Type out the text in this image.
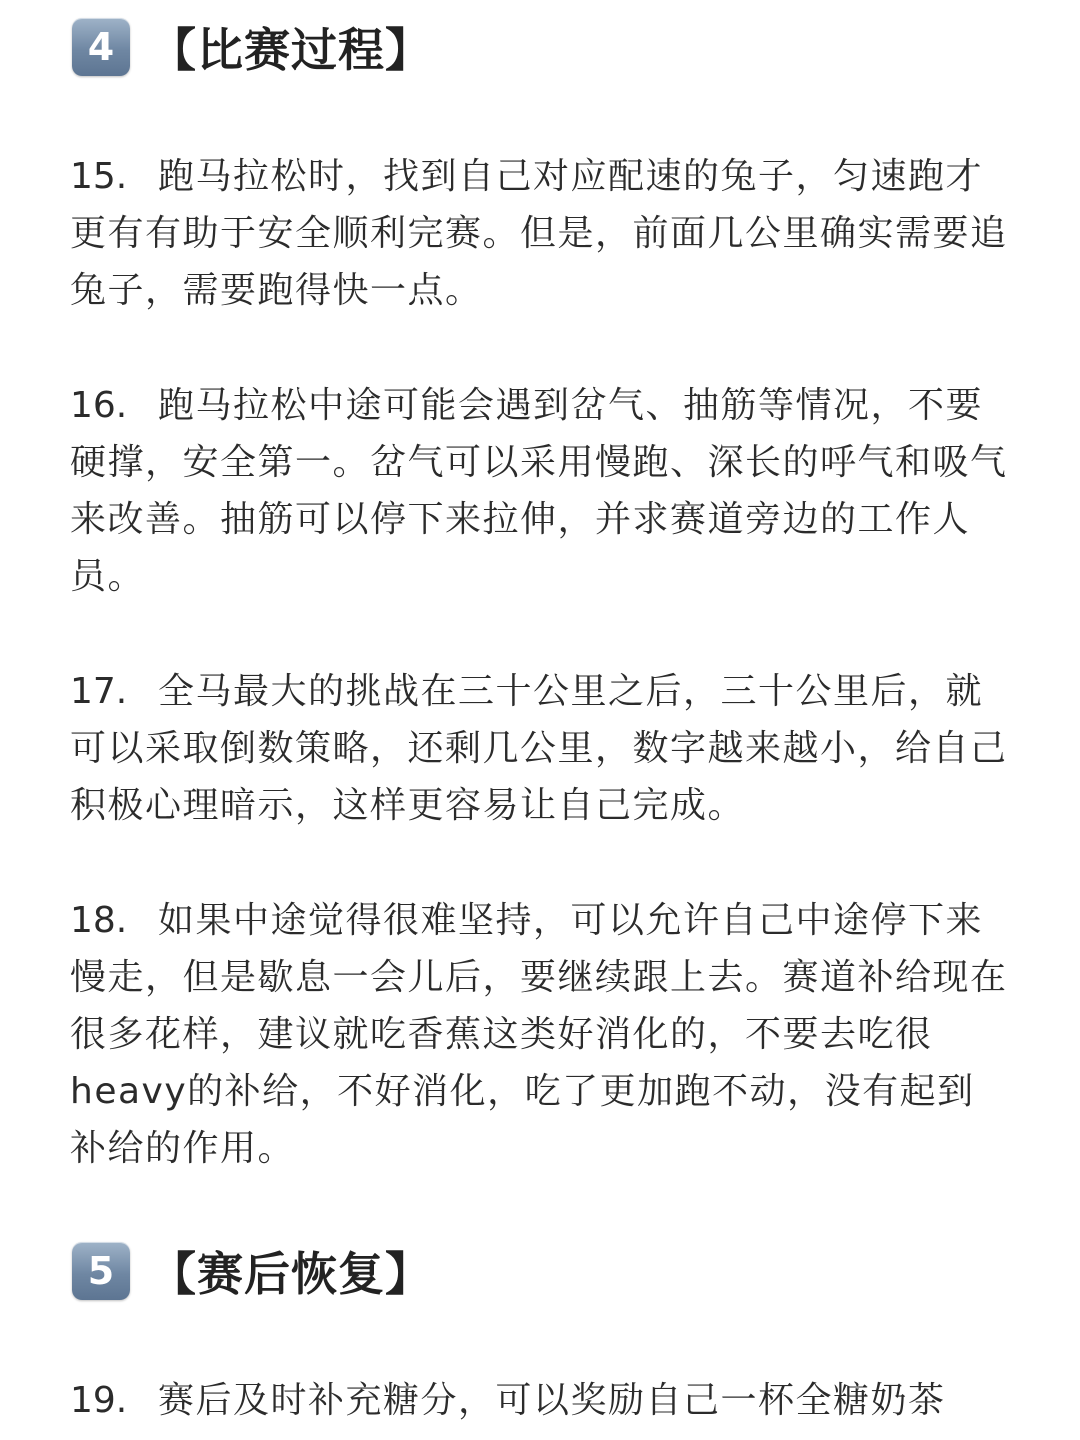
4 【比赛过程】
15. 跑马拉松时，找到自己对应配速的兔子，匀速跑才更有有助于安全顺利完赛。但是，前面几公里确实需要追兔子，需要跑得快一点。
16. 跑马拉松中途可能会遇到岔气、抽筋等情况，不要硬撑，安全第一。岔气可以采用慢跑、深长的呼气和吸气来改善。抽筋可以停下来拉伸，并求赛道旁边的工作人员。
17. 全马最大的挑战在三十公里之后，三十公里后，就可以采取倒数策略，还剩几公里，数字越来越小，给自己积极心理暗示，这样更容易让自己完成。
18. 如果中途觉得很难坚持，可以允许自己中途停下来慢走，但是歇息一会儿后，要继续跟上去。赛道补给现在很多花样，建议就吃香蕉这类好消化的，不要去吃很heavy的补给，不好消化，吃了更加跑不动，没有起到补给的作用。
5 【赛后恢复】
19. 赛后及时补充糖分，可以奖励自己一杯全糖奶茶
